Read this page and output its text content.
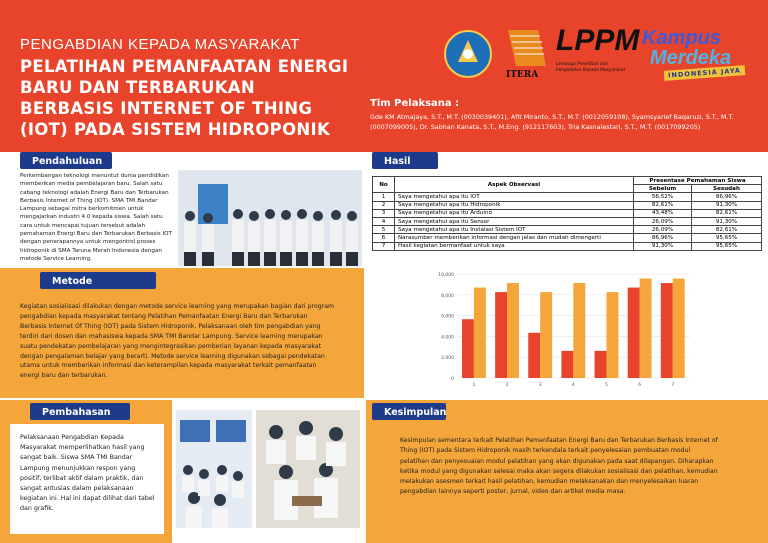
PENGABDIAN KEPADA MASYARAKAT
PELATIHAN PEMANFAATAN ENERGI BARU DAN TERBARUKAN BERBASIS INTERNET OF THING (IOT) PADA SISTEM HIDROPONIK
Tim Pelaksana :
Gde KM Atmajaya, S.T., M.T. (0030039401), Afit Miranto, S.T., M.T. (0012059108), Syamsyarief Baqaruzi, S.T., M.T. (0007099005), Dr. Sabhan Kanata, S.T., M.Eng. (912117603), Tria Kasnalestari, S.T., M.T. (0017099205)
ITERA
LPPM
Lembaga Penelitian dan Pengabdian Kepada Masyarakat
Kampus
Merdeka
INDONESIA JAYA
Pendahuluan
Perkembangan teknologi menuntut dunia pendidikan memberikan media pembelajaran baru. Salah satu cabang teknologi adalah Energi Baru dan Terbarukan Berbasis Internet of Thing (IOT). SMA TMI Bandar Lampung sebagai mitra berkomitmen untuk mengajarkan industri 4.0 kepada siswa. Salah satu cara untuk mencapai tujuan tersebut adalah pemahaman Energi Baru dan Terbarukan Berbasis IOT dengan penerapannya untuk mengontrol proses hidroponik di SMA Taruna Merah Indonesia dengan metode Service Learning.
Metode
Kegiatan sosialisasi dilakukan dengan metode service learning yang merupakan bagian dari program pengabdian kepada masyarakat tentang Pelatihan Pemanfaatan Energi Baru dan Terbarukan Berbasis Internet Of Thing (IOT) pada Sistem Hidroponik. Pelaksanaan oleh tim pengabdian yang terdiri dari dosen dan mahasiswa kepada SMA TMI Bandar Lampung. Service learning merupakan suatu pendekatan pembelajaran yang mengintegrasikan pemberian layanan kepada masyarakat dengan pengalaman belajar yang berarti. Metode service learning digunakan sebagai pendekatan utama untuk memberikan informasi dan keterampilan kepada masyarakat terkait pemanfaatan energi baru dan terbarukan.
Pembahasan
Pelaksanaan Pengabdian Kepada Masyarakat memperlihatkan hasil yang sangat baik. Siswa SMA TMI Bandar Lampung menunjukkan respon yang positif, terlibat aktif dalam praktik, dan sangat antusias dalam pelaksanaan kegiatan ini. Hal ini dapat dilihat dari tabel dan grafik.
Hasil
No	Aspek Observasi	Presentase Pemahaman Siswa	
		Sebelum	Sesudah
1	Saya mengetahui apa itu IOT	56,52%	86,96%
2	Saya mengetahui apa itu Hidroponik	82,61%	91,30%
3	Saya mengetahui apa itu Arduino	43,48%	82,61%
4	Saya mengetahui apa itu Sensor	26,09%	91,30%
5	Saya mengetahui apa itu Instalasi Sistem IOT	26,09%	82,61%
6	Narasumber memberikan informasi dengan jelas dan mudah dimengerti	86,96%	95,65%
7	Hasil kegiatan bermanfaat untuk saya	91,30%	95,65%
0
2,000
4,000
6,000
8,000
10,000
1	2	3	4	5	6	7
Kesimpulan
Kesimpulan sementara terkait Pelatihan Pemanfaatan Energi Baru dan Terbarukan Berbasis Internet of Thing (IOT) pada Sistem Hidroponik masih terkendala terkait penyelesaian pembuatan modul pelatihan dan penyesuaian modul pelatihan yang akan digunakan pada saat dilapangan. Diharapkan ketika modul yang digunakan selesai maka akan segera dilakukan sosialisasi dan pelatihan, kemudian melakukan asesmen terkait hasil pelatihan, kemudian melaksanakan dan menyelesaikan luaran pengabdian lainnya seperti poster, jurnal, video dan artikel media masa.
